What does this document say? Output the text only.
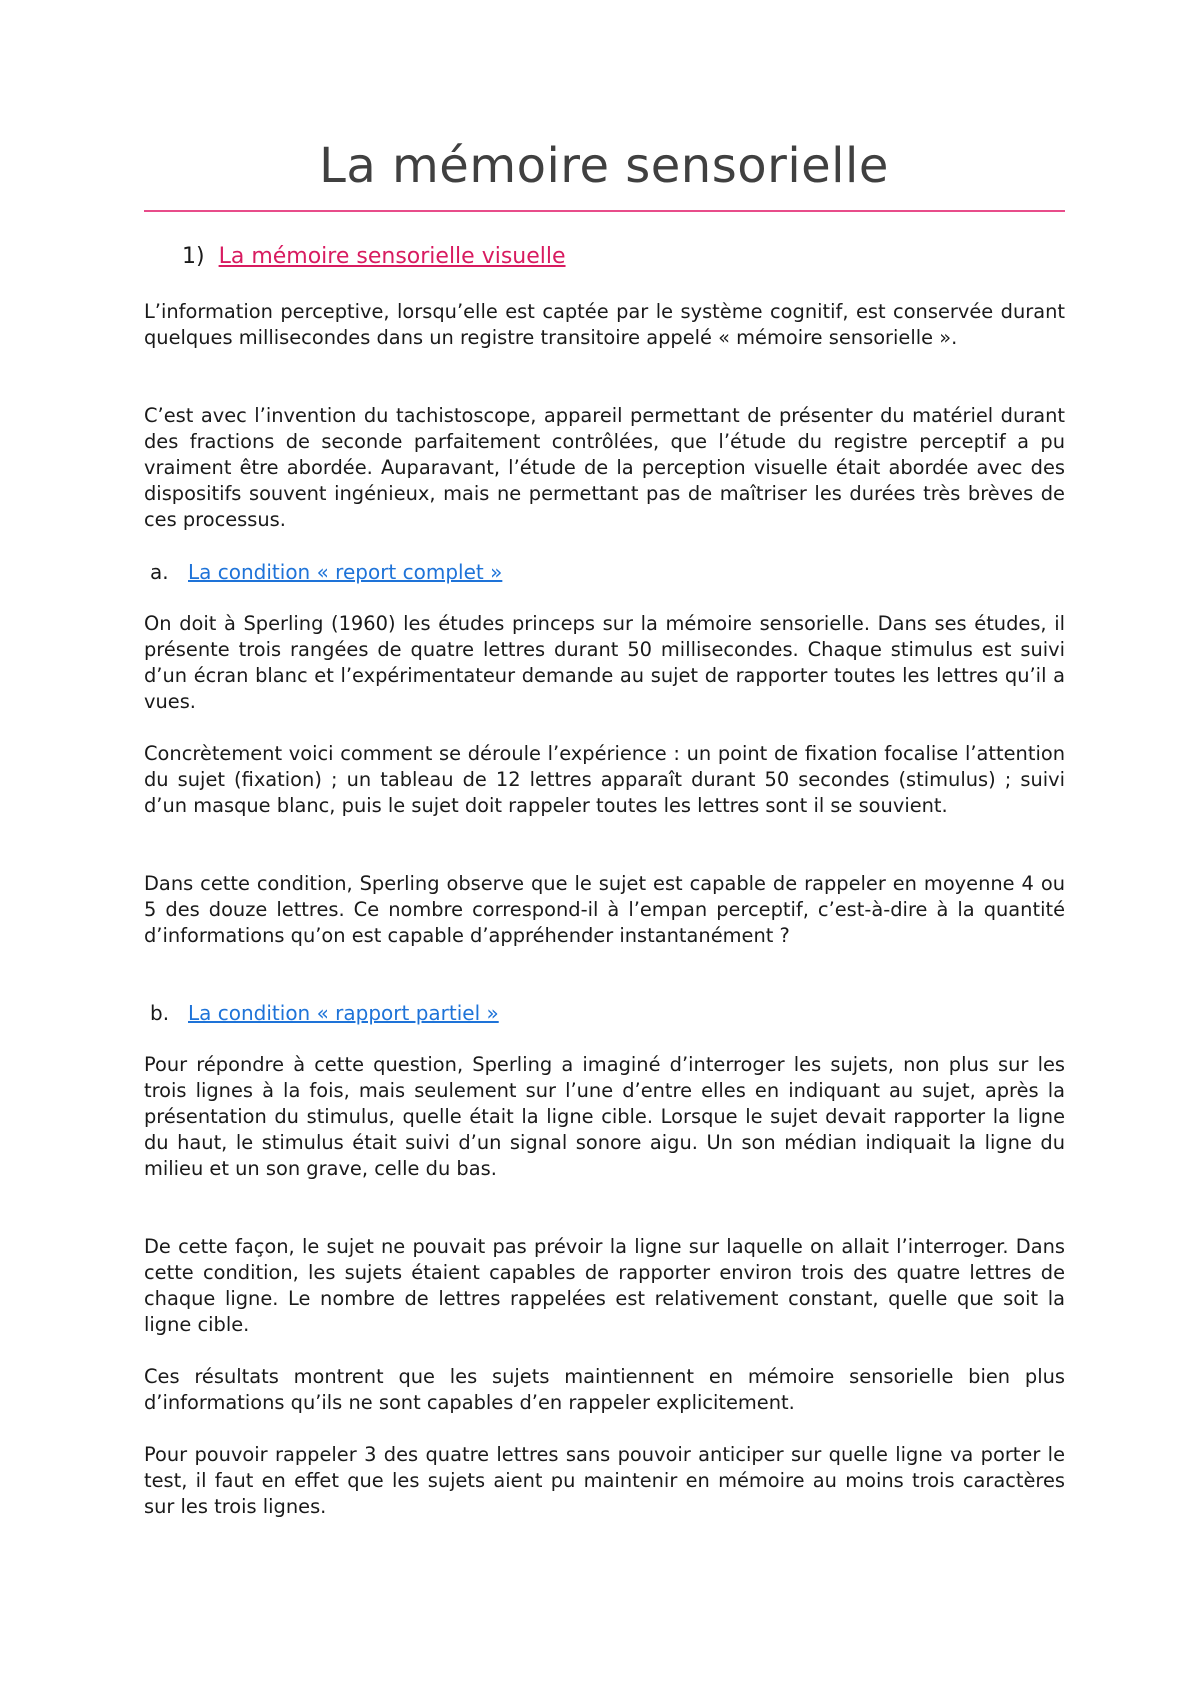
La mémoire sensorielle
1) La mémoire sensorielle visuelle

L’information perceptive, lorsqu’elle est captée par le système cognitif, est conservée durant quelques millisecondes dans un registre transitoire appelé « mémoire sensorielle ».

C’est avec l’invention du tachistoscope, appareil permettant de présenter du matériel durant des fractions de seconde parfaitement contrôlées, que l’étude du registre perceptif a pu vraiment être abordée. Auparavant, l’étude de la perception visuelle était abordée avec des dispositifs souvent ingénieux, mais ne permettant pas de maîtriser les durées très brèves de ces processus.

a. La condition « report complet »

On doit à Sperling (1960) les études princeps sur la mémoire sensorielle. Dans ses études, il présente trois rangées de quatre lettres durant 50 millisecondes. Chaque stimulus est suivi d’un écran blanc et l’expérimentateur demande au sujet de rapporter toutes les lettres qu’il a vues.

Concrètement voici comment se déroule l’expérience : un point de fixation focalise l’attention du sujet (fixation) ; un tableau de 12 lettres apparaît durant 50 secondes (stimulus) ; suivi d’un masque blanc, puis le sujet doit rappeler toutes les lettres sont il se souvient.

Dans cette condition, Sperling observe que le sujet est capable de rappeler en moyenne 4 ou 5 des douze lettres. Ce nombre correspond-il à l’empan perceptif, c’est-à-dire à la quantité d’informations qu’on est capable d’appréhender instantanément ?

b. La condition « rapport partiel »

Pour répondre à cette question, Sperling a imaginé d’interroger les sujets, non plus sur les trois lignes à la fois, mais seulement sur l’une d’entre elles en indiquant au sujet, après la présentation du stimulus, quelle était la ligne cible. Lorsque le sujet devait rapporter la ligne du haut, le stimulus était suivi d’un signal sonore aigu. Un son médian indiquait la ligne du milieu et un son grave, celle du bas.

De cette façon, le sujet ne pouvait pas prévoir la ligne sur laquelle on allait l’interroger. Dans cette condition, les sujets étaient capables de rapporter environ trois des quatre lettres de chaque ligne. Le nombre de lettres rappelées est relativement constant, quelle que soit la ligne cible.

Ces résultats montrent que les sujets maintiennent en mémoire sensorielle bien plus d’informations qu’ils ne sont capables d’en rappeler explicitement.

Pour pouvoir rappeler 3 des quatre lettres sans pouvoir anticiper sur quelle ligne va porter le test, il faut en effet que les sujets aient pu maintenir en mémoire au moins trois caractères sur les trois lignes.
